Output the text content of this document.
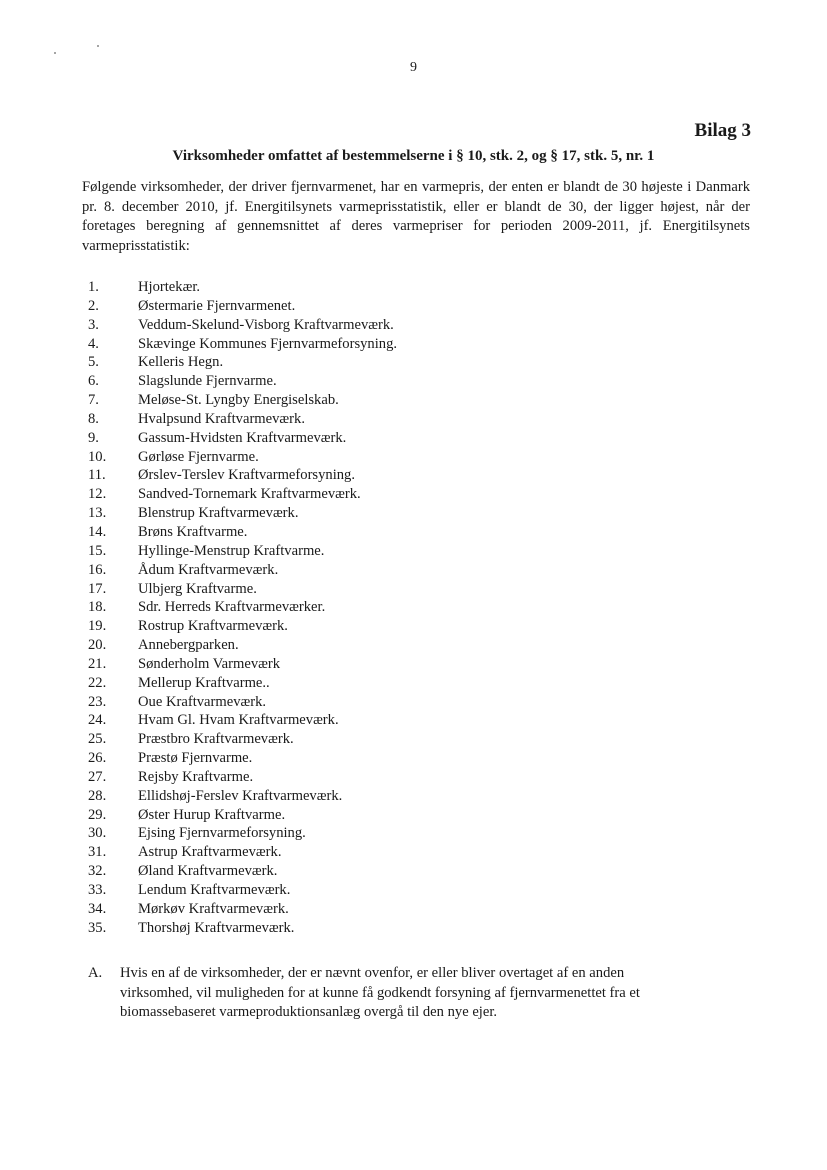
9
Bilag 3
Virksomheder omfattet af bestemmelserne i § 10, stk. 2, og § 17, stk. 5, nr. 1

Følgende virksomheder, der driver fjernvarmenet, har en varmepris, der enten er blandt de 30 højeste i Danmark pr. 8. december 2010, jf. Energitilsynets varmeprisstatistik, eller er blandt de 30, der ligger højest, når der foretages beregning af gennemsnittet af deres varmepriser for perioden 2009-2011, jf. Energitilsynets varmeprisstatistik:

1.	Hjortekær.
2.	Østermarie Fjernvarmenet.
3.	Veddum-Skelund-Visborg Kraftvarmeværk.
4.	Skævinge Kommunes Fjernvarmeforsyning.
5.	Kelleris Hegn.
6.	Slagslunde Fjernvarme.
7.	Meløse-St. Lyngby Energiselskab.
8.	Hvalpsund Kraftvarmeværk.
9.	Gassum-Hvidsten Kraftvarmeværk.
10.	Gørløse Fjernvarme.
11.	Ørslev-Terslev Kraftvarmeforsyning.
12.	Sandved-Tornemark Kraftvarmeværk.
13.	Blenstrup Kraftvarmeværk.
14.	Brøns Kraftvarme.
15.	Hyllinge-Menstrup Kraftvarme.
16.	Ådum Kraftvarmeværk.
17.	Ulbjerg Kraftvarme.
18.	Sdr. Herreds Kraftvarmeværker.
19.	Rostrup Kraftvarmeværk.
20.	Annebergparken.
21.	Sønderholm Varmeværk
22.	Mellerup Kraftvarme..
23.	Oue Kraftvarmeværk.
24.	Hvam Gl. Hvam Kraftvarmeværk.
25.	Præstbro Kraftvarmeværk.
26.	Præstø Fjernvarme.
27.	Rejsby Kraftvarme.
28.	Ellidshøj-Ferslev Kraftvarmeværk.
29.	Øster Hurup Kraftvarme.
30.	Ejsing Fjernvarmeforsyning.
31.	Astrup Kraftvarmeværk.
32.	Øland Kraftvarmeværk.
33.	Lendum Kraftvarmeværk.
34.	Mørkøv Kraftvarmeværk.
35.	Thorshøj Kraftvarmeværk.
A. Hvis en af de virksomheder, der er nævnt ovenfor, er eller bliver overtaget af en anden virksomhed, vil muligheden for at kunne få godkendt forsyning af fjernvarmenettet fra et biomassebaseret varmeproduktionsanlæg overgå til den nye ejer.
